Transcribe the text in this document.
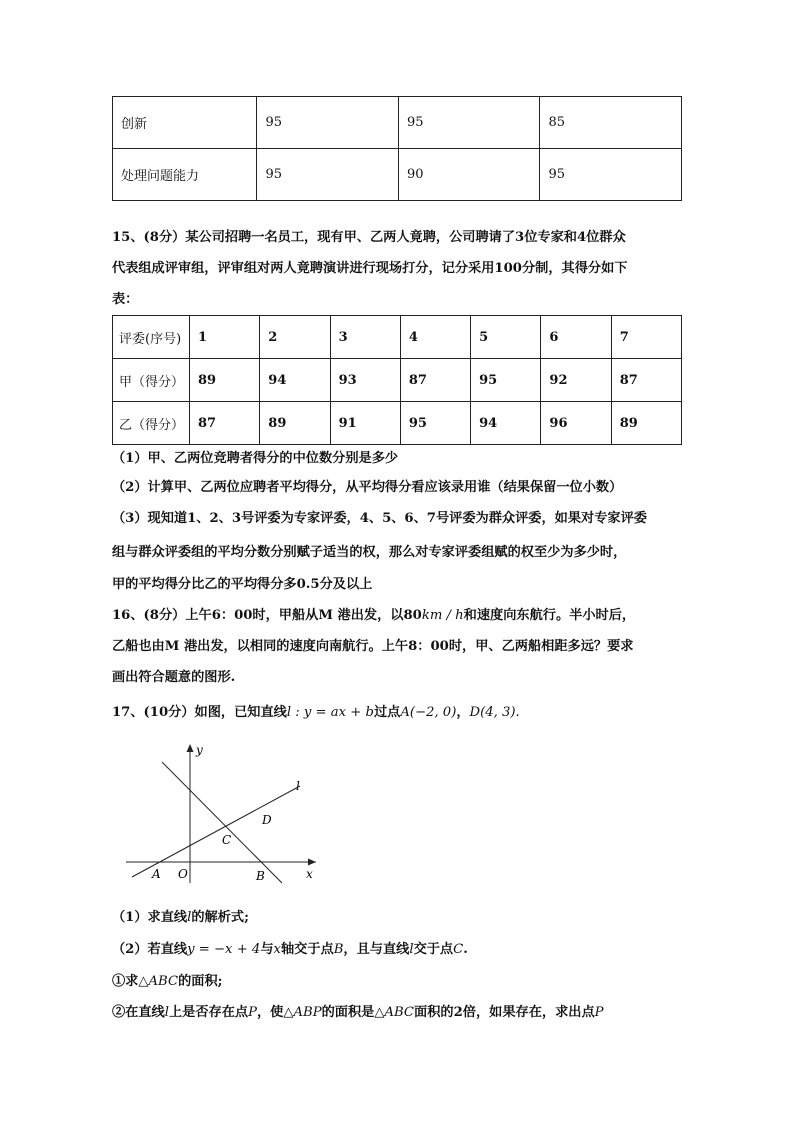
创新	95	95	85
处理问题能力	95	90	95
15、(8分）某公司招聘一名员工，现有甲、乙两人竟聘，公司聘请了3位专家和4位群众
代表组成评审组，评审组对两人竟聘演讲进行现场打分，记分采用100分制，其得分如下
表：
评委(序号)	1	2	3	4	5	6	7
甲（得分）	89	94	93	87	95	92	87
乙（得分）	87	89	91	95	94	96	89
（1）甲、乙两位竞聘者得分的中位数分别是多少
（2）计算甲、乙两位应聘者平均得分，从平均得分看应该录用谁（结果保留一位小数）
（3）现知道1、2、3号评委为专家评委，4、5、6、7号评委为群众评委，如果对专家评委
组与群众评委组的平均分数分别赋子适当的权，那么对专家评委组赋的权至少为多少时，
甲的平均得分比乙的平均得分多0.5分及以上
16、(8分）上午6：00时，甲船从M 港出发，以80km / h和速度向东航行。半小时后，
乙船也由M 港出发，以相同的速度向南航行。上午8：00时，甲、乙两船相距多远？要求
画出符合题意的图形.
17、(10分）如图，已知直线l : y = ax + b过点A(−2, 0)，D(4, 3).
y
x
l
A O	B
C
D
（1）求直线l的解析式;
（2）若直线y = −x + 4与x轴交于点B，且与直线l交于点C.
①求△ABC的面积;
②在直线l上是否存在点P，使△ABP的面积是△ABC面积的2倍，如果存在，求出点P
